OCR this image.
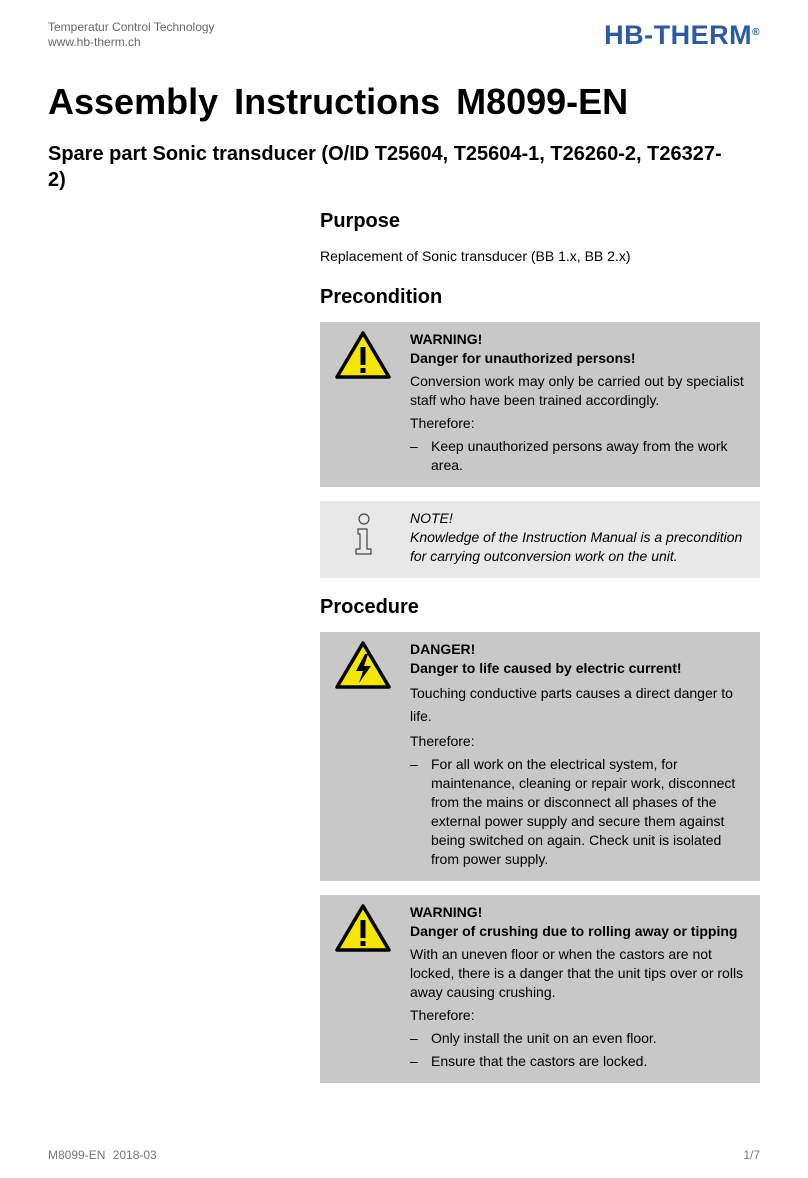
Temperatur Control Technology
www.hb-therm.ch	HB-THERM®
Assembly Instructions M8099-EN
Spare part Sonic transducer (O/ID T25604, T25604-1, T26260-2, T26327-2)
Purpose

Replacement of Sonic transducer (BB 1.x, BB 2.x)

Precondition

WARNING!

Danger for unauthorized persons!

Conversion work may only be carried out by specialist staff who have been trained accordingly.

Therefore:

– Keep unauthorized persons away from the work area.

NOTE!

Knowledge of the Instruction Manual is a precondition for carrying outconversion work on the unit.

Procedure

DANGER!

Danger to life caused by electric current!

Touching conductive parts causes a direct danger to life.

Therefore:

– For all work on the electrical system, for maintenance, cleaning or repair work, disconnect from the mains or disconnect all phases of the external power supply and secure them against being switched on again. Check unit is isolated from power supply.

WARNING!

Danger of crushing due to rolling away or tipping

With an uneven floor or when the castors are not locked, there is a danger that the unit tips over or rolls away causing crushing.

Therefore:

– Only install the unit on an even floor.

– Ensure that the castors are locked.

M8099-EN 2018-03	1/7
